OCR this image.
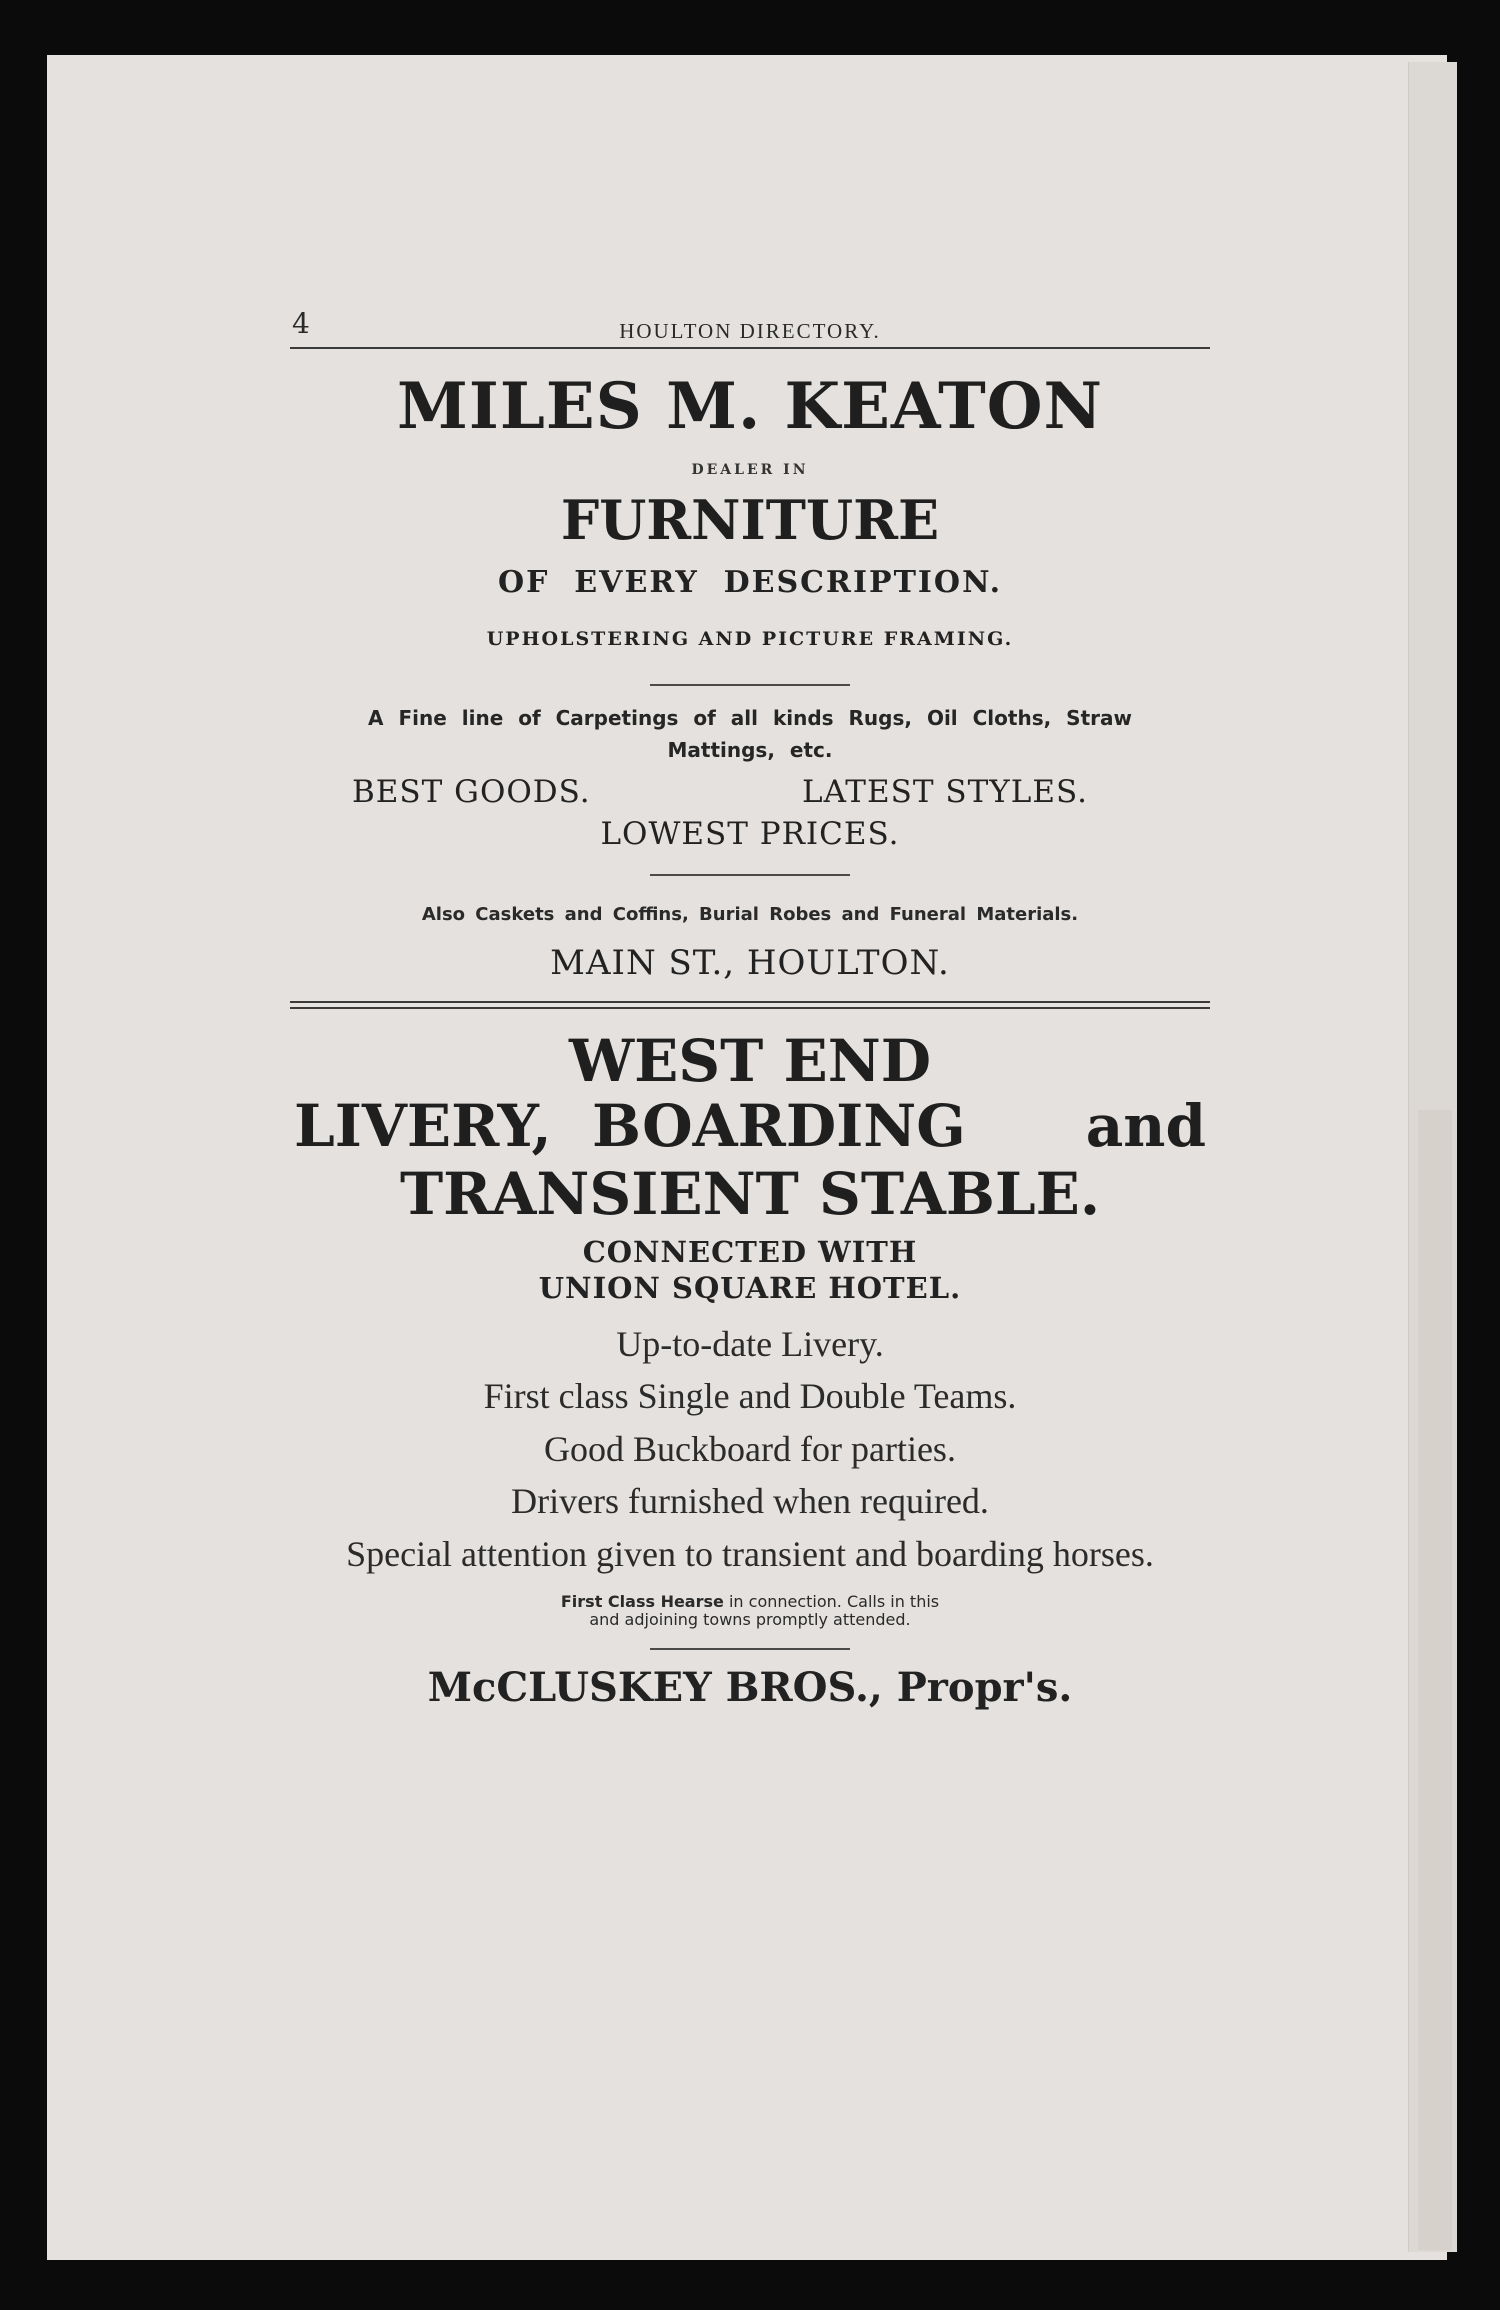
4	HOULTON DIRECTORY.
MILES M. KEATON
DEALER IN
FURNITURE
OF  EVERY  DESCRIPTION.
UPHOLSTERING AND PICTURE FRAMING.
A Fine line of Carpetings of all kinds Rugs, Oil Cloths, Straw
Mattings, etc.
BEST GOODS.	LATEST STYLES.
LOWEST PRICES.
Also Caskets and Coffins, Burial Robes and Funeral Materials.
MAIN ST., HOULTON.
WEST END
LIVERY,  BOARDING and
TRANSIENT STABLE.
CONNECTED WITH
UNION SQUARE HOTEL.
Up-to-date Livery.
First class Single and Double Teams.
Good Buckboard for parties.
Drivers furnished when required.
Special attention given to transient and boarding horses.
First Class Hearse in connection. Calls in this
and adjoining towns promptly attended.
McCLUSKEY BROS., Propr's.
